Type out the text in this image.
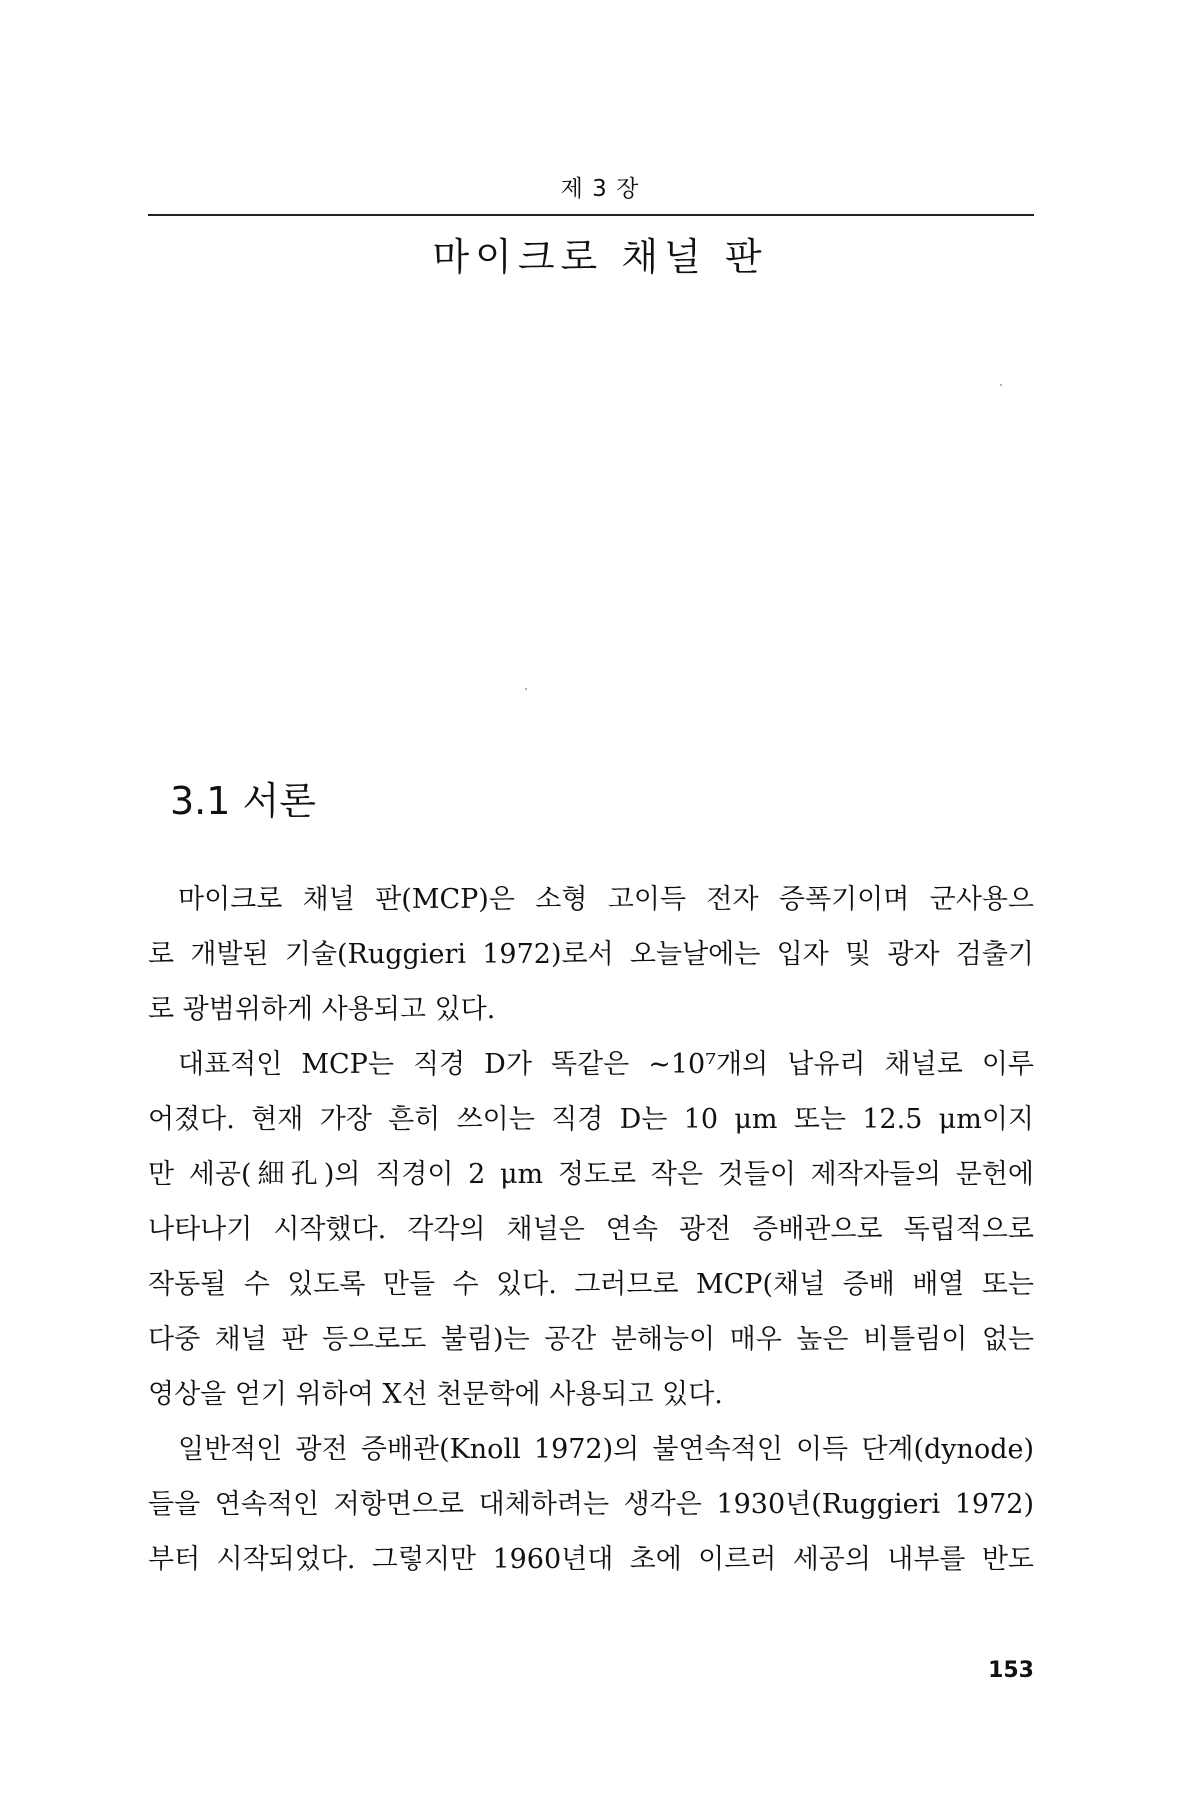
제 3 장
마이크로 채널 판
3.1 서론
마이크로 채널 판(MCP)은 소형 고이득 전자 증폭기이며 군사용으
로 개발된 기술(Ruggieri 1972)로서 오늘날에는 입자 및 광자 검출기
로 광범위하게 사용되고 있다.
대표적인 MCP는 직경 D가 똑같은 ~10⁷개의 납유리 채널로 이루
어졌다. 현재 가장 흔히 쓰이는 직경 D는 10 μm 또는 12.5 μm이지
만 세공(細孔)의 직경이 2 μm 정도로 작은 것들이 제작자들의 문헌에
나타나기 시작했다. 각각의 채널은 연속 광전 증배관으로 독립적으로
작동될 수 있도록 만들 수 있다. 그러므로 MCP(채널 증배 배열 또는
다중 채널 판 등으로도 불림)는 공간 분해능이 매우 높은 비틀림이 없는
영상을 얻기 위하여 X선 천문학에 사용되고 있다.
일반적인 광전 증배관(Knoll 1972)의 불연속적인 이득 단계(dynode)
들을 연속적인 저항면으로 대체하려는 생각은 1930년(Ruggieri 1972)
부터 시작되었다. 그렇지만 1960년대 초에 이르러 세공의 내부를 반도
153
